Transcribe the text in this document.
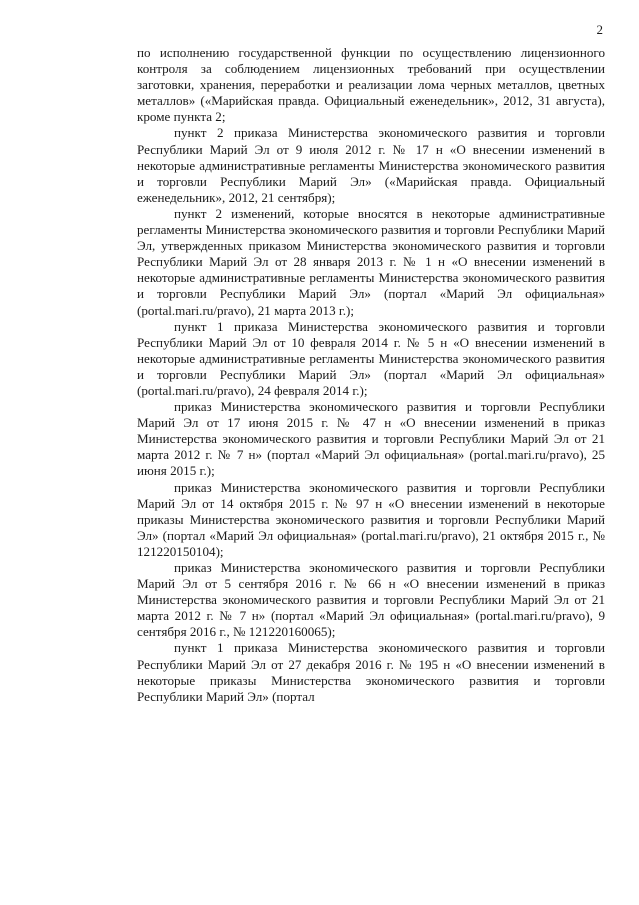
2

по исполнению государственной функции по осуществлению лицензионного контроля за соблюдением лицензионных требований при осуществлении заготовки, хранения, переработки и реализации лома черных металлов, цветных металлов» («Марийская правда. Официальный еженедельник», 2012, 31 августа), кроме пункта 2;

пункт 2 приказа Министерства экономического развития и торговли Республики Марий Эл от 9 июля 2012 г. № 17 н «О внесении изменений в некоторые административные регламенты Министерства экономического развития и торговли Республики Марий Эл» («Марийская правда. Официальный еженедельник», 2012, 21 сентября);

пункт 2 изменений, которые вносятся в некоторые административные регламенты Министерства экономического развития и торговли Республики Марий Эл, утвержденных приказом Министерства экономического развития и торговли Республики Марий Эл от 28 января 2013 г. № 1 н «О внесении изменений в некоторые административные регламенты Министерства экономического развития и торговли Республики Марий Эл» (портал «Марий Эл официальная» (portal.mari.ru/pravo), 21 марта 2013 г.);

пункт 1 приказа Министерства экономического развития и торговли Республики Марий Эл от 10 февраля 2014 г. № 5 н «О внесении изменений в некоторые административные регламенты Министерства экономического развития и торговли Республики Марий Эл» (портал «Марий Эл официальная» (portal.mari.ru/pravo), 24 февраля 2014 г.);

приказ Министерства экономического развития и торговли Республики Марий Эл от 17 июня 2015 г. № 47 н «О внесении изменений в приказ Министерства экономического развития и торговли Республики Марий Эл от 21 марта 2012 г. № 7 н» (портал «Марий Эл официальная» (portal.mari.ru/pravo), 25 июня 2015 г.);

приказ Министерства экономического развития и торговли Республики Марий Эл от 14 октября 2015 г. № 97 н «О внесении изменений в некоторые приказы Министерства экономического развития и торговли Республики Марий Эл» (портал «Марий Эл официальная» (portal.mari.ru/pravo), 21 октября 2015 г., № 121220150104);

приказ Министерства экономического развития и торговли Республики Марий Эл от 5 сентября 2016 г. № 66 н «О внесении изменений в приказ Министерства экономического развития и торговли Республики Марий Эл от 21 марта 2012 г. № 7 н» (портал «Марий Эл официальная» (portal.mari.ru/pravo), 9 сентября 2016 г., № 121220160065);

пункт 1 приказа Министерства экономического развития и торговли Республики Марий Эл от 27 декабря 2016 г. № 195 н «О внесении изменений в некоторые приказы Министерства экономического развития и торговли Республики Марий Эл» (портал
